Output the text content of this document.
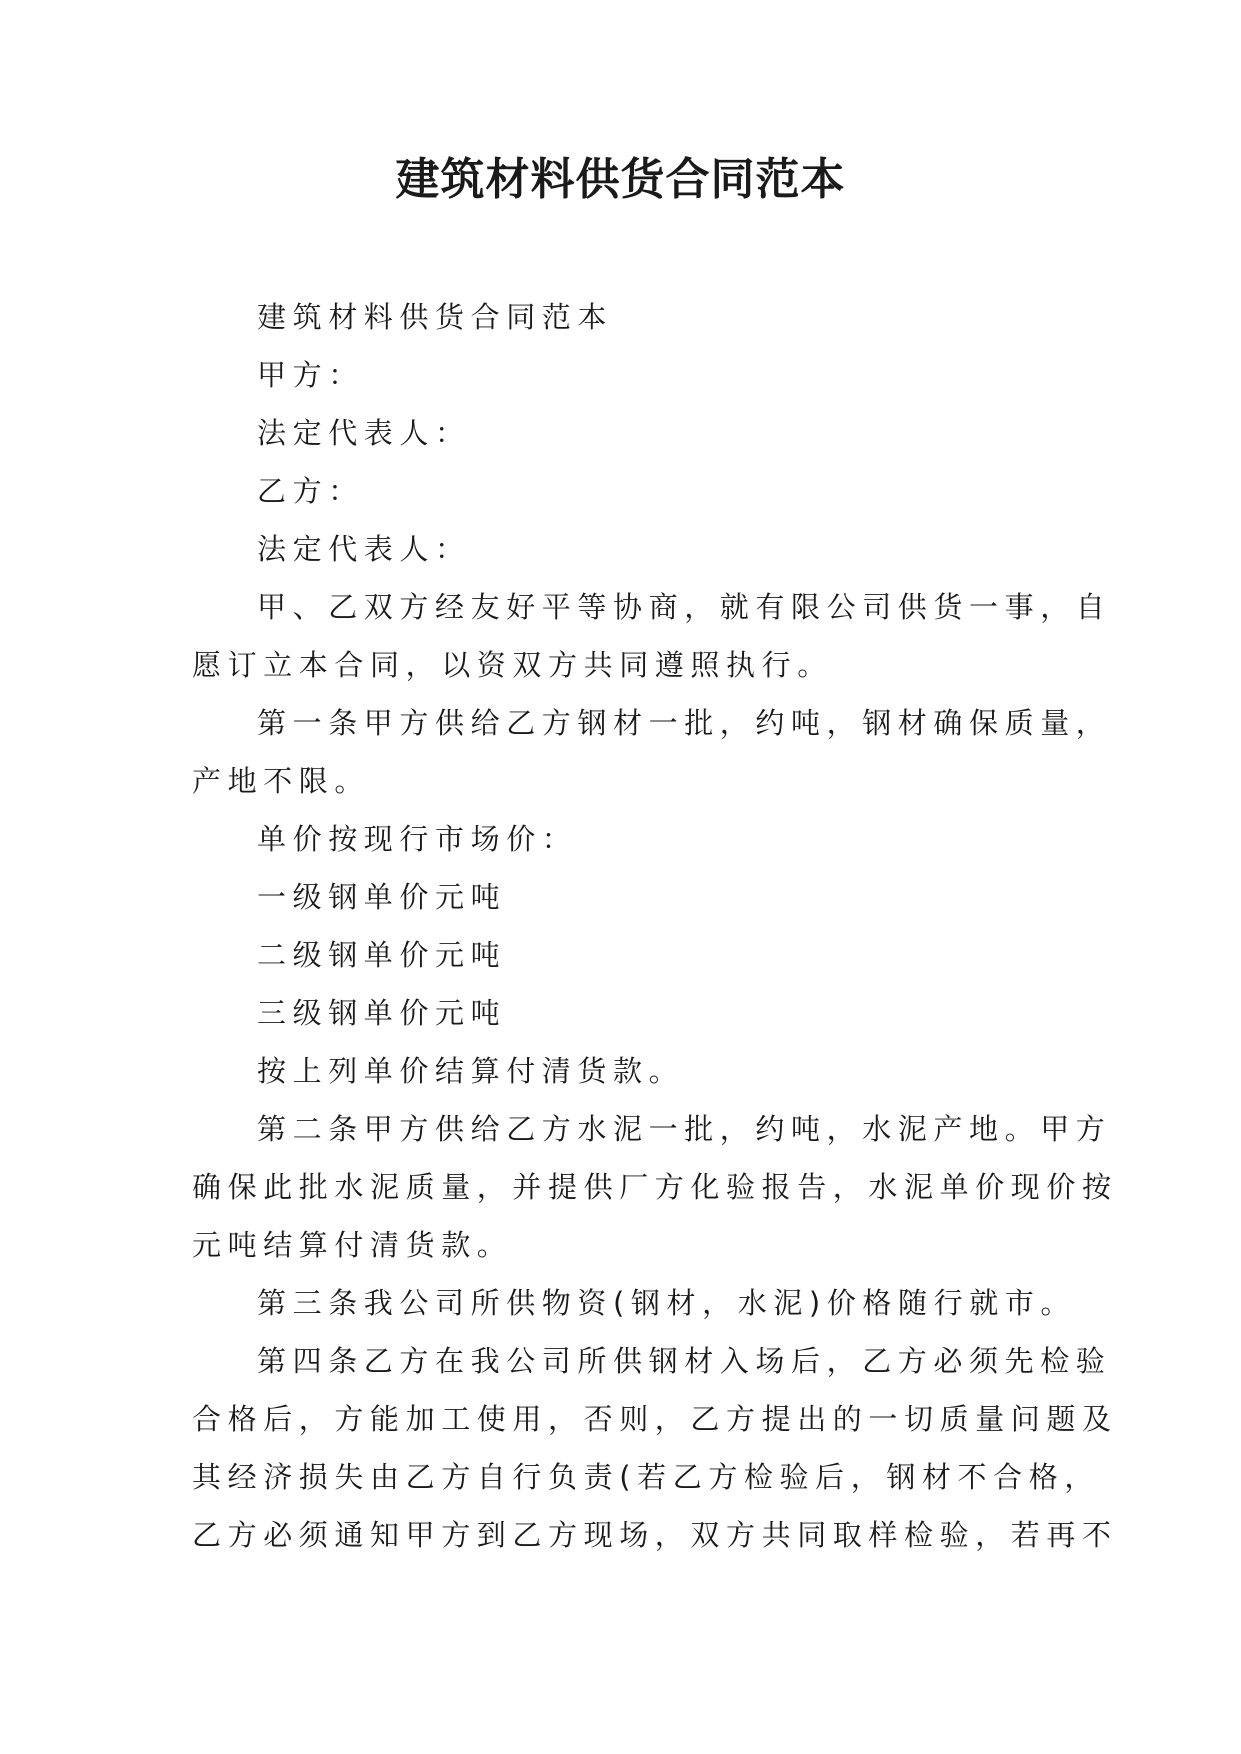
建筑材料供货合同范本

建筑材料供货合同范本

甲方：

法定代表人：

乙方：

法定代表人：

甲、乙双方经友好平等协商，就有限公司供货一事，自

愿订立本合同，以资双方共同遵照执行。

第一条甲方供给乙方钢材一批，约吨，钢材确保质量，

产地不限。

单价按现行市场价：

一级钢单价元吨

二级钢单价元吨

三级钢单价元吨

按上列单价结算付清货款。

第二条甲方供给乙方水泥一批，约吨，水泥产地。甲方

确保此批水泥质量，并提供厂方化验报告，水泥单价现价按

元吨结算付清货款。

第三条我公司所供物资(钢材，水泥)价格随行就市。

第四条乙方在我公司所供钢材入场后，乙方必须先检验

合格后，方能加工使用，否则，乙方提出的一切质量问题及

其经济损失由乙方自行负责(若乙方检验后，钢材不合格，

乙方必须通知甲方到乙方现场，双方共同取样检验，若再不
